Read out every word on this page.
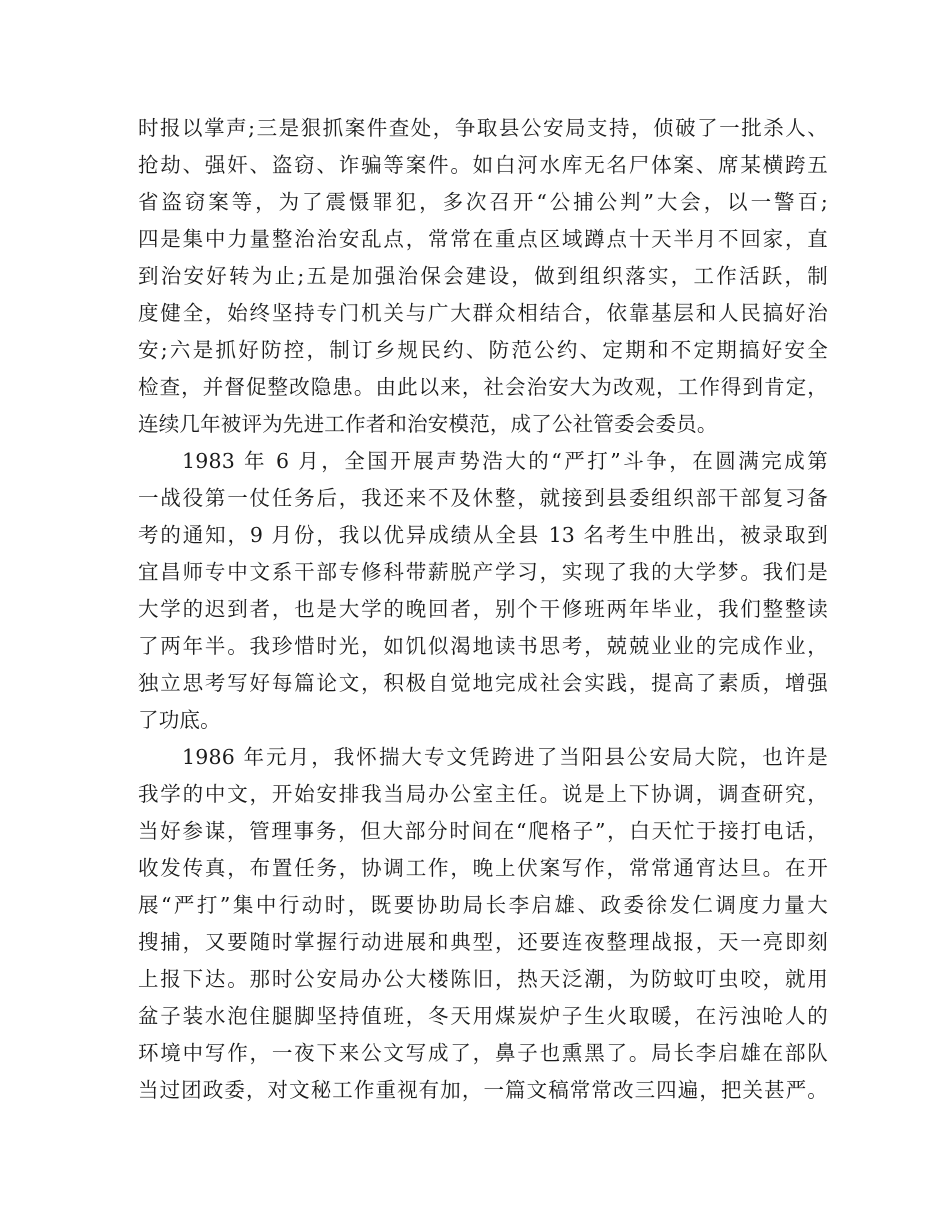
时报以掌声;三是狠抓案件查处，争取县公安局支持，侦破了一批杀人、
抢劫、强奸、盗窃、诈骗等案件。如白河水库无名尸体案、席某横跨五
省盗窃案等，为了震慑罪犯，多次召开“公捕公判”大会，以一警百;
四是集中力量整治治安乱点，常常在重点区域蹲点十天半月不回家，直
到治安好转为止;五是加强治保会建设，做到组织落实，工作活跃，制
度健全，始终坚持专门机关与广大群众相结合，依靠基层和人民搞好治
安;六是抓好防控，制订乡规民约、防范公约、定期和不定期搞好安全
检查，并督促整改隐患。由此以来，社会治安大为改观，工作得到肯定，
连续几年被评为先进工作者和治安模范，成了公社管委会委员。
1983 年 6 月，全国开展声势浩大的“严打”斗争，在圆满完成第
一战役第一仗任务后，我还来不及休整，就接到县委组织部干部复习备
考的通知，9 月份，我以优异成绩从全县 13 名考生中胜出，被录取到
宜昌师专中文系干部专修科带薪脱产学习，实现了我的大学梦。我们是
大学的迟到者，也是大学的晚回者，别个干修班两年毕业，我们整整读
了两年半。我珍惜时光，如饥似渴地读书思考，兢兢业业的完成作业，
独立思考写好每篇论文，积极自觉地完成社会实践，提高了素质，增强
了功底。
1986 年元月，我怀揣大专文凭跨进了当阳县公安局大院，也许是
我学的中文，开始安排我当局办公室主任。说是上下协调，调查研究，
当好参谋，管理事务，但大部分时间在“爬格子”，白天忙于接打电话，
收发传真，布置任务，协调工作，晚上伏案写作，常常通宵达旦。在开
展“严打”集中行动时，既要协助局长李启雄、政委徐发仁调度力量大
搜捕，又要随时掌握行动进展和典型，还要连夜整理战报，天一亮即刻
上报下达。那时公安局办公大楼陈旧，热天泛潮，为防蚊叮虫咬，就用
盆子装水泡住腿脚坚持值班，冬天用煤炭炉子生火取暖，在污浊呛人的
环境中写作，一夜下来公文写成了，鼻子也熏黑了。局长李启雄在部队
当过团政委，对文秘工作重视有加，一篇文稿常常改三四遍，把关甚严。
